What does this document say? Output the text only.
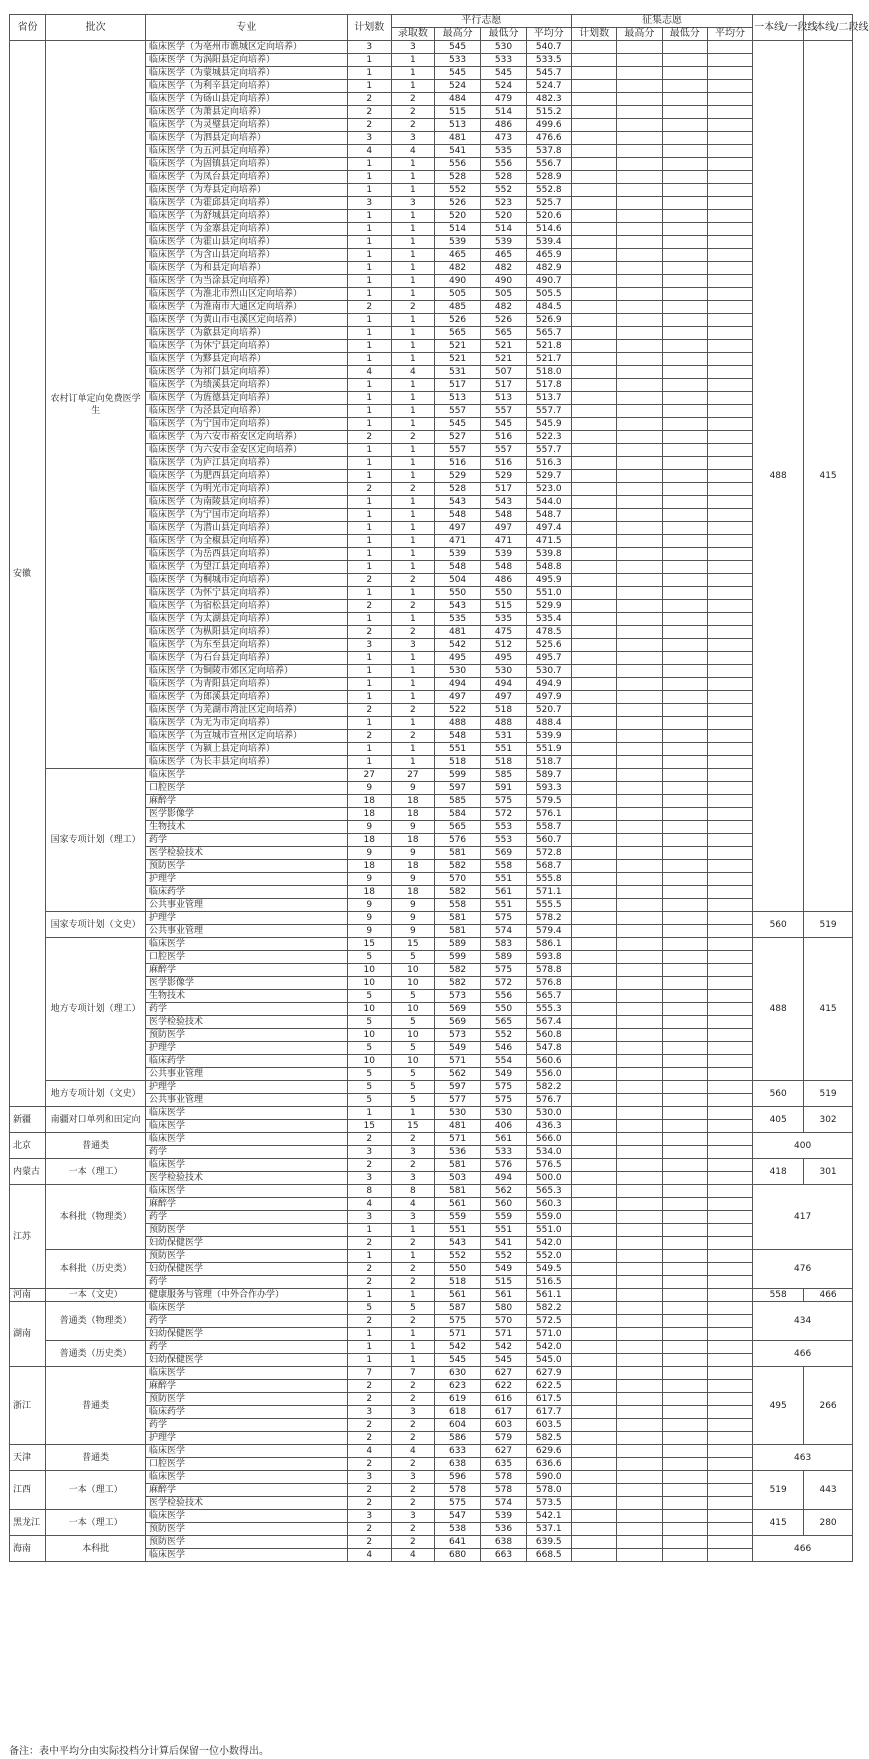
省份	批次	专业	计划数	平行志愿				征集志愿				一本线/一段线	二本线/二段线
				录取数	最高分	最低分	平均分	计划数	最高分	最低分	平均分		
安徽	农村订单定向免费医学生	临床医学（为亳州市谯城区定向培养）	3	3	545	530	540.7					488	415
		临床医学（为涡阳县定向培养）	1	1	533	533	533.5						
		临床医学（为蒙城县定向培养）	1	1	545	545	545.7						
		临床医学（为利辛县定向培养）	1	1	524	524	524.7						
		临床医学（为砀山县定向培养）	2	2	484	479	482.3						
		临床医学（为萧县定向培养）	2	2	515	514	515.2						
		临床医学（为灵璧县定向培养）	2	2	513	486	499.6						
		临床医学（为泗县定向培养）	3	3	481	473	476.6						
		临床医学（为五河县定向培养）	4	4	541	535	537.8						
		临床医学（为固镇县定向培养）	1	1	556	556	556.7						
		临床医学（为凤台县定向培养）	1	1	528	528	528.9						
		临床医学（为寿县定向培养）	1	1	552	552	552.8						
		临床医学（为霍邱县定向培养）	3	3	526	523	525.7						
		临床医学（为舒城县定向培养）	1	1	520	520	520.6						
		临床医学（为金寨县定向培养）	1	1	514	514	514.6						
		临床医学（为霍山县定向培养）	1	1	539	539	539.4						
		临床医学（为含山县定向培养）	1	1	465	465	465.9						
		临床医学（为和县定向培养）	1	1	482	482	482.9						
		临床医学（为当涂县定向培养）	1	1	490	490	490.7						
		临床医学（为淮北市烈山区定向培养）	1	1	505	505	505.5						
		临床医学（为淮南市大通区定向培养）	2	2	485	482	484.5						
		临床医学（为黄山市屯溪区定向培养）	1	1	526	526	526.9						
		临床医学（为歙县定向培养）	1	1	565	565	565.7						
		临床医学（为休宁县定向培养）	1	1	521	521	521.8						
		临床医学（为黟县定向培养）	1	1	521	521	521.7						
		临床医学（为祁门县定向培养）	4	4	531	507	518.0						
		临床医学（为绩溪县定向培养）	1	1	517	517	517.8						
		临床医学（为旌德县定向培养）	1	1	513	513	513.7						
		临床医学（为泾县定向培养）	1	1	557	557	557.7						
		临床医学（为宁国市定向培养）	1	1	545	545	545.9						
		临床医学（为六安市裕安区定向培养）	2	2	527	516	522.3						
		临床医学（为六安市金安区定向培养）	1	1	557	557	557.7						
		临床医学（为庐江县定向培养）	1	1	516	516	516.3						
		临床医学（为肥西县定向培养）	1	1	529	529	529.7						
		临床医学（为明光市定向培养）	2	2	528	517	523.0						
		临床医学（为南陵县定向培养）	1	1	543	543	544.0						
		临床医学（为宁国市定向培养）	1	1	548	548	548.7						
		临床医学（为潜山县定向培养）	1	1	497	497	497.4						
		临床医学（为全椒县定向培养）	1	1	471	471	471.5						
		临床医学（为岳西县定向培养）	1	1	539	539	539.8						
		临床医学（为望江县定向培养）	1	1	548	548	548.8						
		临床医学（为桐城市定向培养）	2	2	504	486	495.9						
		临床医学（为怀宁县定向培养）	1	1	550	550	551.0						
		临床医学（为宿松县定向培养）	2	2	543	515	529.9						
		临床医学（为太湖县定向培养）	1	1	535	535	535.4						
		临床医学（为枞阳县定向培养）	2	2	481	475	478.5						
		临床医学（为东至县定向培养）	3	3	542	512	525.6						
		临床医学（为石台县定向培养）	1	1	495	495	495.7						
		临床医学（为铜陵市郊区定向培养）	1	1	530	530	530.7						
		临床医学（为青阳县定向培养）	1	1	494	494	494.9						
		临床医学（为郎溪县定向培养）	1	1	497	497	497.9						
		临床医学（为芜湖市湾沚区定向培养）	2	2	522	518	520.7						
		临床医学（为无为市定向培养）	1	1	488	488	488.4						
		临床医学（为宣城市宣州区定向培养）	2	2	548	531	539.9						
		临床医学（为颍上县定向培养）	1	1	551	551	551.9						
		临床医学（为长丰县定向培养）	1	1	518	518	518.7						
	国家专项计划（理工）	临床医学	27	27	599	585	589.7						
		口腔医学	9	9	597	591	593.3						
		麻醉学	18	18	585	575	579.5						
		医学影像学	18	18	584	572	576.1						
		生物技术	9	9	565	553	558.7						
		药学	18	18	576	553	560.7						
		医学检验技术	9	9	581	569	572.8						
		预防医学	18	18	582	558	568.7						
		护理学	9	9	570	551	555.8						
		临床药学	18	18	582	561	571.1						
		公共事业管理	9	9	558	551	555.5						
	国家专项计划（文史）	护理学	9	9	581	575	578.2					560	519
		公共事业管理	9	9	581	574	579.4						
	地方专项计划（理工）	临床医学	15	15	589	583	586.1					488	415
		口腔医学	5	5	599	589	593.8						
		麻醉学	10	10	582	575	578.8						
		医学影像学	10	10	582	572	576.8						
		生物技术	5	5	573	556	565.7						
		药学	10	10	569	550	555.3						
		医学检验技术	5	5	569	565	567.4						
		预防医学	10	10	573	552	560.8						
		护理学	5	5	549	546	547.8						
		临床药学	10	10	571	554	560.6						
		公共事业管理	5	5	562	549	556.0						
	地方专项计划（文史）	护理学	5	5	597	575	582.2					560	519
		公共事业管理	5	5	577	575	576.7						
新疆	南疆对口单列和田定向	临床医学	1	1	530	530	530.0					405	302
		临床医学	15	15	481	406	436.3						
北京	普通类	临床医学	2	2	571	561	566.0					400	
		药学	3	3	536	533	534.0						
内蒙古	一本（理工）	临床医学	2	2	581	576	576.5					418	301
		医学检验技术	3	3	503	494	500.0						
江苏	本科批（物理类）	临床医学	8	8	581	562	565.3					417	
		麻醉学	4	4	561	560	560.3						
		药学	3	3	559	559	559.0						
		预防医学	1	1	551	551	551.0						
		妇幼保健医学	2	2	543	541	542.0						
	本科批（历史类）	预防医学	1	1	552	552	552.0					476	
		妇幼保健医学	2	2	550	549	549.5						
		药学	2	2	518	515	516.5						
河南	一本（文史）	健康服务与管理（中外合作办学）	1	1	561	561	561.1					558	466
湖南	普通类（物理类）	临床医学	5	5	587	580	582.2					434	
		药学	2	2	575	570	572.5						
		妇幼保健医学	1	1	571	571	571.0						
	普通类（历史类）	药学	1	1	542	542	542.0					466	
		妇幼保健医学	1	1	545	545	545.0						
浙江	普通类	临床医学	7	7	630	627	627.9					495	266
		麻醉学	2	2	623	622	622.5						
		预防医学	2	2	619	616	617.5						
		临床药学	3	3	618	617	617.7						
		药学	2	2	604	603	603.5						
		护理学	2	2	586	579	582.5						
天津	普通类	临床医学	4	4	633	627	629.6					463	
		口腔医学	2	2	638	635	636.6						
江西	一本（理工）	临床医学	3	3	596	578	590.0					519	443
		麻醉学	2	2	578	578	578.0						
		医学检验技术	2	2	575	574	573.5						
黑龙江	一本（理工）	临床医学	3	3	547	539	542.1					415	280
		预防医学	2	2	538	536	537.1						
海南	本科批	预防医学	2	2	641	638	639.5					466	
		临床医学	4	4	680	663	668.5						
备注：表中平均分由实际投档分计算后保留一位小数得出。
